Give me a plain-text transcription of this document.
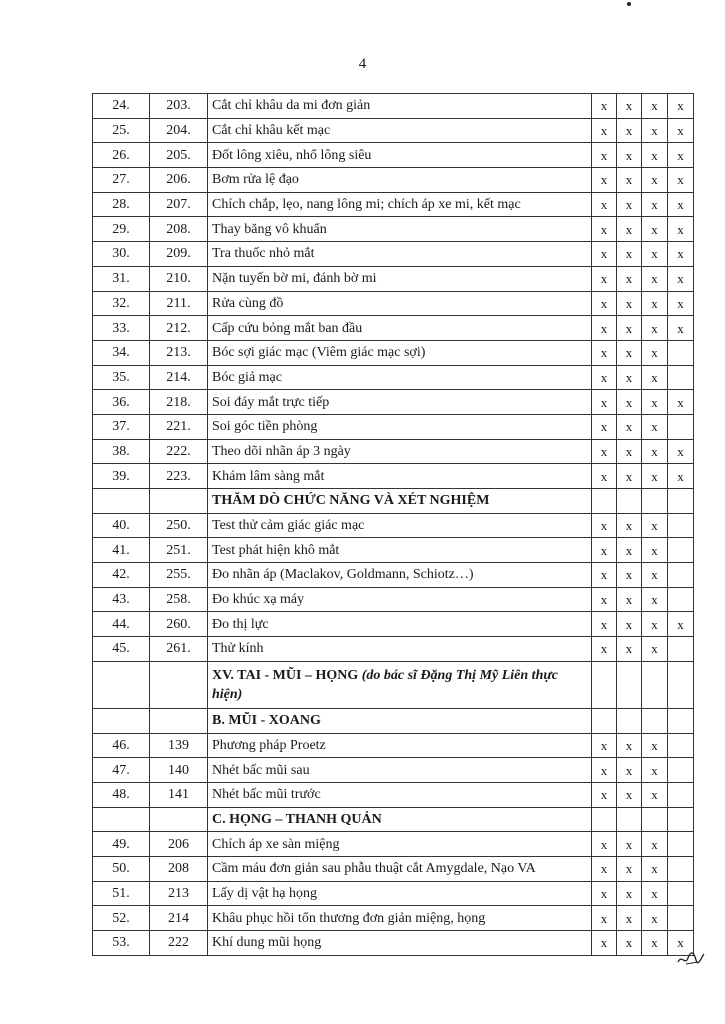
4
24.	203.	Cắt chỉ khâu da mi đơn giản	x	x	x	x
25.	204.	Cắt chỉ khâu kết mạc	x	x	x	x
26.	205.	Đốt lông xiêu, nhổ lông siêu	x	x	x	x
27.	206.	Bơm rửa lệ đạo	x	x	x	x
28.	207.	Chích chắp, lẹo, nang lông mi; chích áp xe mi, kết mạc	x	x	x	x
29.	208.	Thay băng vô khuẩn	x	x	x	x
30.	209.	Tra thuốc nhỏ mắt	x	x	x	x
31.	210.	Nặn tuyến bờ mi, đánh bờ mi	x	x	x	x
32.	211.	Rửa cùng đồ	x	x	x	x
33.	212.	Cấp cứu bỏng mắt ban đầu	x	x	x	x
34.	213.	Bóc sợi giác mạc (Viêm giác mạc sợi)	x	x	x	
35.	214.	Bóc giả mạc	x	x	x	
36.	218.	Soi đáy mắt trực tiếp	x	x	x	x
37.	221.	Soi góc tiền phòng	x	x	x	
38.	222.	Theo dõi nhãn áp 3 ngày	x	x	x	x
39.	223.	Khám lâm sàng mắt	x	x	x	x
		THĂM DÒ CHỨC NĂNG VÀ XÉT NGHIỆM				
40.	250.	Test thử cảm giác giác mạc	x	x	x	
41.	251.	Test phát hiện khô mắt	x	x	x	
42.	255.	Đo nhãn áp (Maclakov, Goldmann, Schiotz…)	x	x	x	
43.	258.	Đo khúc xạ máy	x	x	x	
44.	260.	Đo thị lực	x	x	x	x
45.	261.	Thử kính	x	x	x	
		XV. TAI - MŨI – HỌNG (do bác sĩ Đặng Thị Mỹ Liên thực hiện)				
		B. MŨI - XOANG				
46.	139	Phương pháp Proetz	x	x	x	
47.	140	Nhét bấc mũi sau	x	x	x	
48.	141	Nhét bấc mũi trước	x	x	x	
		C. HỌNG – THANH QUẢN				
49.	206	Chích áp xe sàn miệng	x	x	x	
50.	208	Cầm máu đơn giản sau phẫu thuật cắt Amygdale, Nạo VA	x	x	x	
51.	213	Lấy dị vật hạ họng	x	x	x	
52.	214	Khâu phục hồi tổn thương đơn giản miệng, họng	x	x	x	
53.	222	Khí dung mũi họng	x	x	x	x
